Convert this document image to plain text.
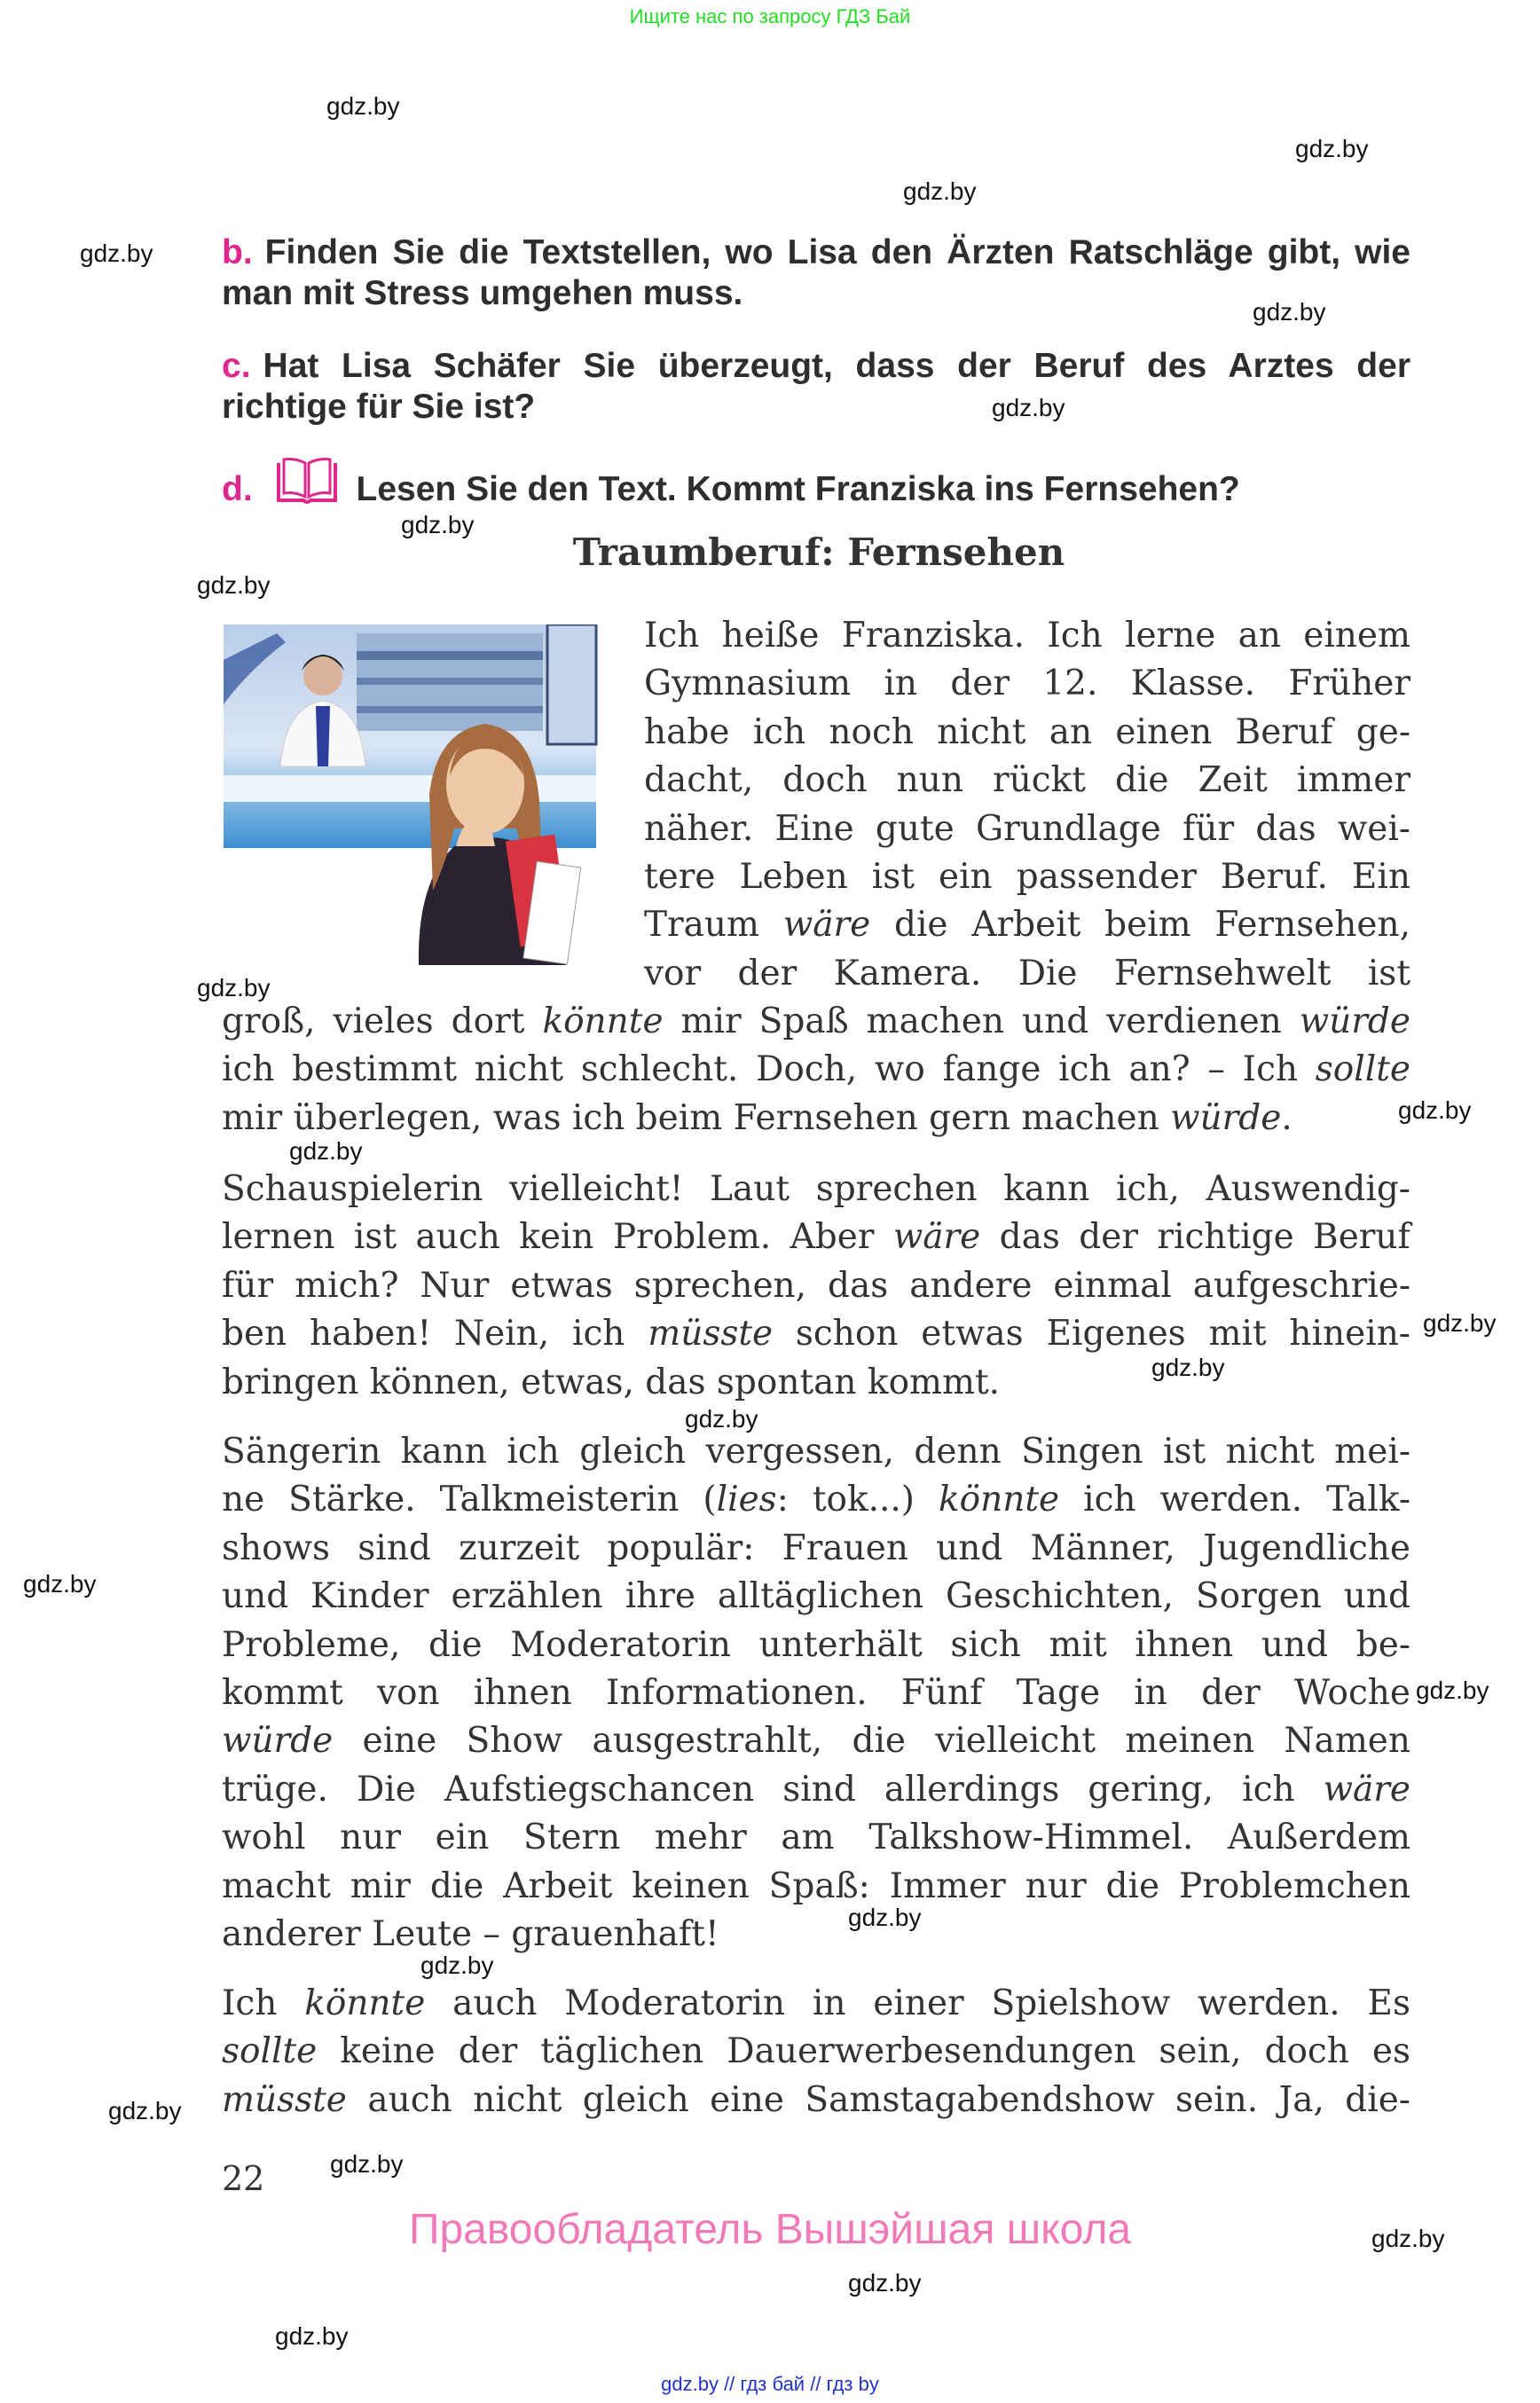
Ищите нас по запросу ГДЗ Бай
gdz.by
gdz.by
gdz.by
gdz.by
gdz.by
gdz.by
gdz.by
gdz.by
gdz.by
gdz.by
gdz.by
gdz.by
gdz.by
gdz.by
gdz.by
gdz.by
gdz.by
gdz.by
gdz.by
gdz.by
gdz.by
gdz.by
gdz.by
b. Finden Sie die Textstellen, wo Lisa den Ärzten Ratschläge gibt, wie man mit Stress umgehen muss.
c. Hat Lisa Schäfer Sie überzeugt, dass der Beruf des Arztes der richtige für Sie ist?
d.	Lesen Sie den Text. Kommt Franziska ins Fernsehen?
Traumberuf: Fernsehen
Ich heiße Franziska. Ich lerne an einem
Gymnasium in der 12. Klasse. Früher
habe ich noch nicht an einen Beruf ge-
dacht, doch nun rückt die Zeit immer
näher. Eine gute Grundlage für das wei-
tere Leben ist ein passender Beruf. Ein
Traum wäre die Arbeit beim Fernsehen,
vor der Kamera. Die Fernsehwelt ist
groß, vieles dort könnte mir Spaß machen und verdienen würde
ich bestimmt nicht schlecht. Doch, wo fange ich an? – Ich sollte
mir überlegen, was ich beim Fernsehen gern machen würde.
Schauspielerin vielleicht! Laut sprechen kann ich, Auswendig-
lernen ist auch kein Problem. Aber wäre das der richtige Beruf
für mich? Nur etwas sprechen, das andere einmal aufgeschrie-
ben haben! Nein, ich müsste schon etwas Eigenes mit hinein-
bringen können, etwas, das spontan kommt.
Sängerin kann ich gleich vergessen, denn Singen ist nicht mei-
ne Stärke. Talkmeisterin (lies: tok...) könnte ich werden. Talk-
shows sind zurzeit populär: Frauen und Männer, Jugendliche
und Kinder erzählen ihre alltäglichen Geschichten, Sorgen und
Probleme, die Moderatorin unterhält sich mit ihnen und be-
kommt von ihnen Informationen. Fünf Tage in der Woche
würde eine Show ausgestrahlt, die vielleicht meinen Namen
trüge. Die Aufstiegschancen sind allerdings gering, ich wäre
wohl nur ein Stern mehr am Talkshow-Himmel. Außerdem
macht mir die Arbeit keinen Spaß: Immer nur die Problemchen
anderer Leute – grauenhaft!
Ich könnte auch Moderatorin in einer Spielshow werden. Es
sollte keine der täglichen Dauerwerbesendungen sein, doch es
müsste auch nicht gleich eine Samstagabendshow sein. Ja, die-
22
Правообладатель Вышэйшая школа
gdz.by // гдз бай // гдз by
